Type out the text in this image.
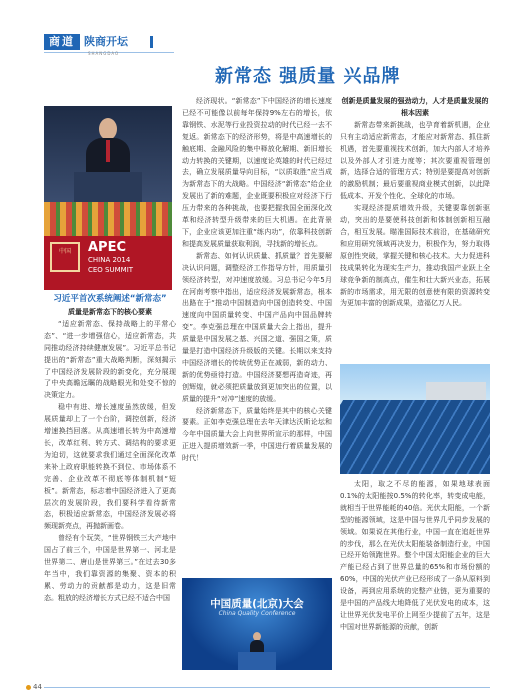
商道 陕商开坛
SHANGDAO
新常态 强质量 兴品牌
中国	APEC
CHINA 2014
CEO SUMMIT
习近平首次系统阐述“新常态”

质量是新常态下的核心要素

“适应新常态、保持战略上的平常心态”、“进一步增强信心，适应新常态，共同推动经济持续健康发展”。习近平总书记提出的“新常态”重大战略判断，深刻揭示了中国经济发展阶段的新变化，充分展现了中央高瞻远瞩的战略眼光和处变不惊的决策定力。

稳中有进、增长速度虽然放缓，但发展质量却上了一个台阶，调控创新，经济增速换挡回落。从高速增长转为中高速增长，改革红利、转方式、调结构的要求更为迫切，这就要求我们通过全面深化改革来补上政府职能转换不到位、市场体系不完善、企业改革不彻底等体制机制“短板”。新常态，标志着中国经济进入了更高层次的发展阶段，我们要科学看待新常态，积极适应新常态，中国经济发展必将频现新亮点，再抛新画卷。

曾经有个玩笑，“世界钢铁三大产地中国占了前三个，中国是世界第一、河北是世界第二、唐山是世界第三。”在过去30多年当中，我们靠资源的集聚、资本的积累、劳动力的贡献都是动力，这是旧常态。粗放的经济增长方式已经不适合中国

经济现状。“新常态”下中国经济的增长速度已经不可能像以前每年保持9%左右的增长，依靠钢铁、水泥等行业投资拉动的时代已经一去不复返。新常态下的经济形势，将是中高速增长的触底期、金融风险的集中释放化解期、新旧增长动力转换的关键期，以速度论英雄的时代已经过去，确立发展质量导向目标，“以质取胜”应当成为新常态下的大战略。中国经济“新常态”给企业发展出了新的难题，企业既要积极应对经济下行压力带来的各种挑战，也要把握我国全面深化改革和经济转型升级带来的巨大机遇。在此背景下，企业应该更加注重“练内功”，依靠科技创新和提高发展质量获取利润，寻找新的增长点。

新常态、如何认识质量、抓质量？首先要解决认识问题，调整经济工作指导方针，用质量引领经济转型，对冲速度放缓。习总书记今年5月在河南考察中指出，适应经济发展新常态，根本出路在于“推动中国制造向中国创造转变、中国速度向中国质量转变、中国产品向中国品牌转变”。李克强总理在中国质量大会上指出，提升质量是中国发展之基、兴国之道、强国之策，质量是打造中国经济升级版的关键。长期以来支持中国经济增长的传统优势正在减弱，新的动力、新的优势亟待打造。中国经济要想再造奇迹，再创辉煌，就必须把质量放到更加突出的位置，以质量的提升“对冲”速度的放缓。

经济新常态下，质量始终是其中的核心关键要素。正如李克强总理在去年天津达沃斯论坛和今年中国质量大会上向世界所宣示的那样，中国正进入提质增效新一季，中国进行着质量发展的时代！

中国质量(北京)大会
China Quality Conference

创新是质量发展的强劲动力，人才是质量发展的根本因素

新常态带来新挑战，也孕育着新机遇，企业只有主动适应新常态，才能应对新常态、抓住新机遇，首先要重视技术创新，加大内部人才培养以及外部人才引进力度等；其次要重视管理创新，选择合适的管理方式；特别是要提高对创新的激励机制；最后要重视商业模式创新，以此降低成本、开发个性化、全球化的市场。

实现经济提质增效升级，关键要靠创新驱动，突出的是要使科技创新和体制创新相互融合，相互发展。瞄准国际技术前沿，在基础研究和应用研究领域再决发力，积极作为，努力取得原创性突破，掌握关键和核心技术。大力促进科技成果转化为现实生产力，推动我国产业跃上全球竞争新的制高点，催生和壮大新兴业态，拓展新的市场需求，用无限的创意使有限的资源转变为更加丰富的创新成果，造福亿万人民。

太阳，取之不尽的能源，如果地球表面0.1%的太阳能按0.5%的转化率，转变成电能，就相当于世界能耗的40倍。光伏太阳能，一个新型的能源领域，这是中国与世界几乎同步发展的领域。如果说在其他行业，中国一直在追赶世界的步伐，那么在光伏太阳能装备制造行业，中国已经开始领跑世界。整个中国太阳能企业的巨大产能已经占到了世界总量的65%和市场份额的60%，中国的光伏产业已经形成了一条从原料到设备，再到应用系统的完整产业链，更为重要的是中国的产品线大地降低了光伏发电的成本，这让世界光伏发电平价上网至少提前了五年，这是中国对世界新能源的贡献，创新

44
